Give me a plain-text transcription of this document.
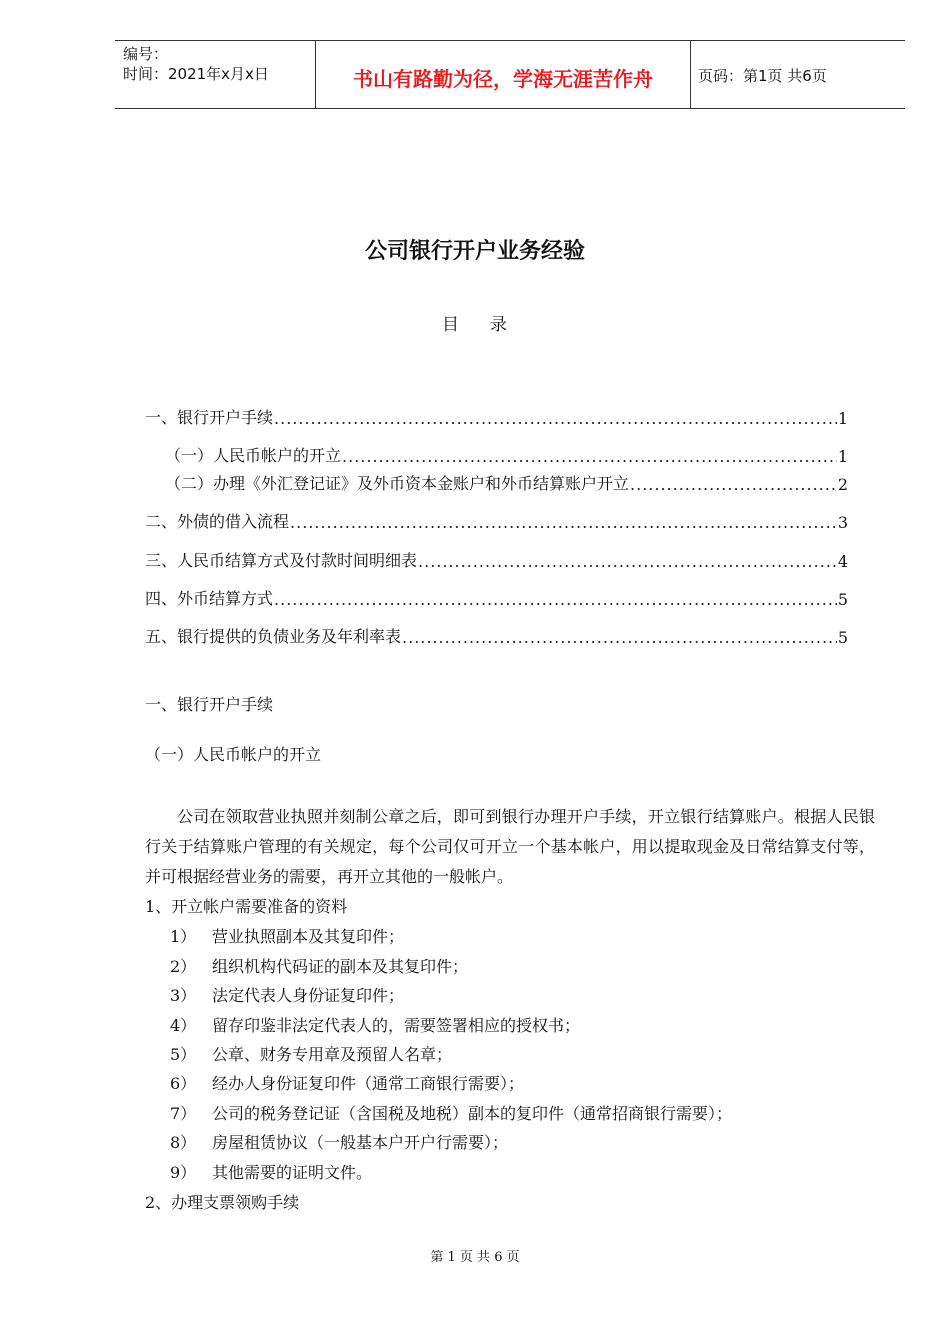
编号：
时间：2021年x月x日	书山有路勤为径，学海无涯苦作舟	页码：第1页 共6页
公司银行开户业务经验
目 录
一、银行开户手续 .....	1
（一）人民币帐户的开立 .....	1
（二）办理《外汇登记证》及外币资本金账户和外币结算账户开立 .....	2
二、外债的借入流程 .....	3
三、人民币结算方式及付款时间明细表 .....	4
四、外币结算方式 .....	5
五、银行提供的负债业务及年利率表 .....	5
一、银行开户手续
（一）人民币帐户的开立
公司在领取营业执照并刻制公章之后，即可到银行办理开户手续，开立银行结算账户。根据人民银行关于结算账户管理的有关规定，每个公司仅可开立一个基本帐户，用以提取现金及日常结算支付等，并可根据经营业务的需要，再开立其他的一般帐户。
1、开立帐户需要准备的资料
1） 营业执照副本及其复印件；
2） 组织机构代码证的副本及其复印件；
3） 法定代表人身份证复印件；
4） 留存印鉴非法定代表人的，需要签署相应的授权书；
5） 公章、财务专用章及预留人名章；
6） 经办人身份证复印件（通常工商银行需要）；
7） 公司的税务登记证（含国税及地税）副本的复印件（通常招商银行需要）；
8） 房屋租赁协议（一般基本户开户行需要）；
9） 其他需要的证明文件。
2、办理支票领购手续
第 1 页 共 6 页
